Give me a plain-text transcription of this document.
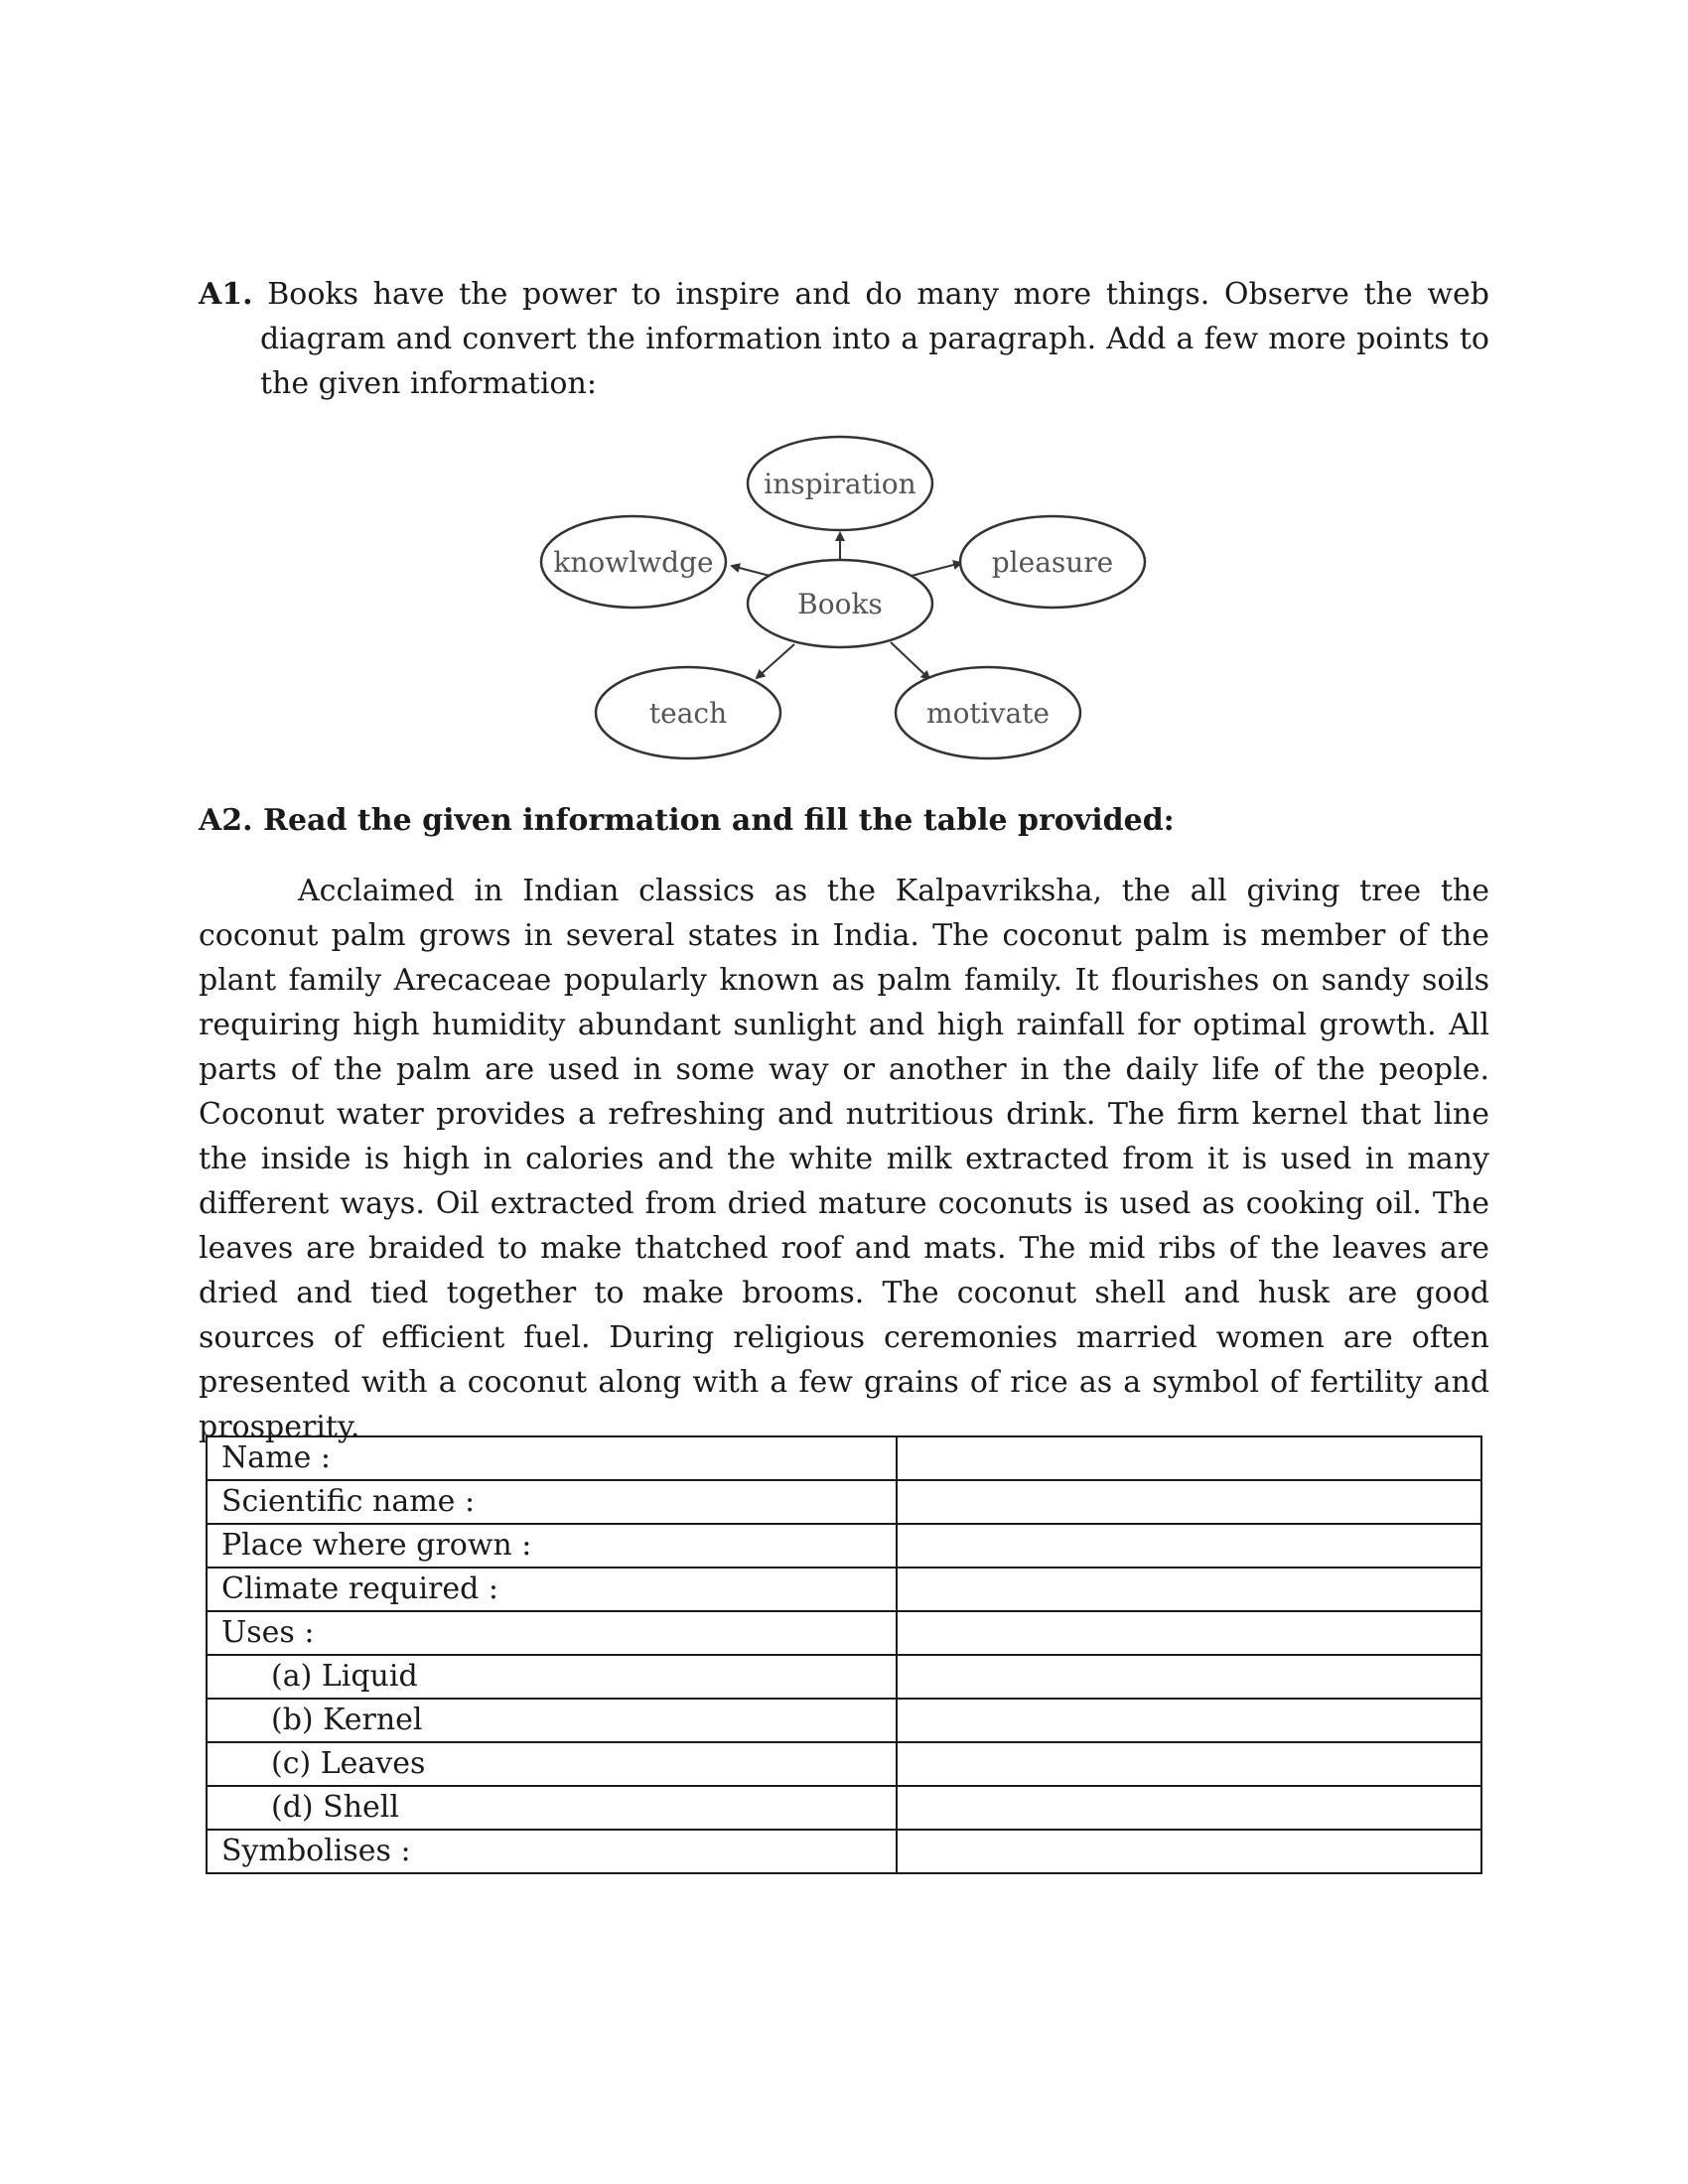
A1. Books have the power to inspire and do many more things. Observe the web diagram and convert the information into a paragraph. Add a few more points to the given information:
inspiration
knowlwdge	pleasure
Books
teach	motivate
A2. Read the given information and fill the table provided:

Acclaimed in Indian classics as the Kalpavriksha, the all giving tree the coconut palm grows in several states in India. The coconut palm is member of the plant family Arecaceae popularly known as palm family. It flourishes on sandy soils requiring high humidity abundant sunlight and high rainfall for optimal growth. All parts of the palm are used in some way or another in the daily life of the people. Coconut water provides a refreshing and nutritious drink. The firm kernel that line the inside is high in calories and the white milk extracted from it is used in many different ways. Oil extracted from dried mature coconuts is used as cooking oil. The leaves are braided to make thatched roof and mats. The mid ribs of the leaves are dried and tied together to make brooms. The coconut shell and husk are good sources of efficient fuel. During religious ceremonies married women are often presented with a coconut along with a few grains of rice as a symbol of fertility and prosperity.

Name :	
Scientific name :	
Place where grown :	
Climate required :	
Uses :	
(a) Liquid	
(b) Kernel	
(c) Leaves	
(d) Shell	
Symbolises :	
